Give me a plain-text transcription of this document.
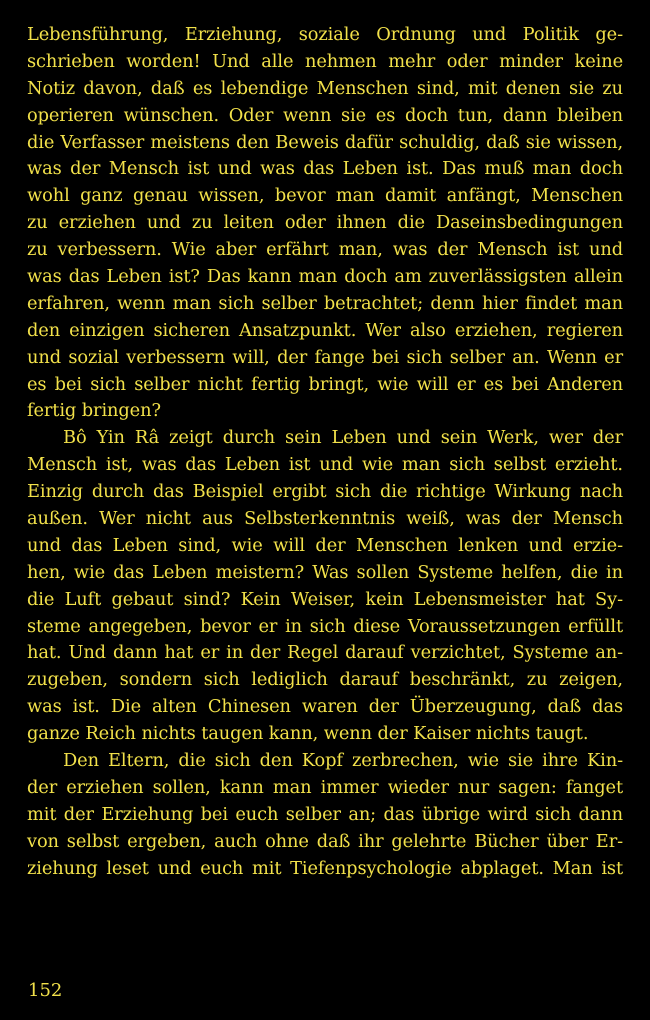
Lebensführung, Erziehung, soziale Ordnung und Politik ge-
schrieben worden! Und alle nehmen mehr oder minder keine
Notiz davon, daß es lebendige Menschen sind, mit denen sie zu
operieren wünschen. Oder wenn sie es doch tun, dann bleiben
die Verfasser meistens den Beweis dafür schuldig, daß sie wissen,
was der Mensch ist und was das Leben ist. Das muß man doch
wohl ganz genau wissen, bevor man damit anfängt, Menschen
zu erziehen und zu leiten oder ihnen die Daseinsbedingungen
zu verbessern. Wie aber erfährt man, was der Mensch ist und
was das Leben ist? Das kann man doch am zuverlässigsten allein
erfahren, wenn man sich selber betrachtet; denn hier findet man
den einzigen sicheren Ansatzpunkt. Wer also erziehen, regieren
und sozial verbessern will, der fange bei sich selber an. Wenn er
es bei sich selber nicht fertig bringt, wie will er es bei Anderen
fertig bringen?
Bô Yin Râ zeigt durch sein Leben und sein Werk, wer der
Mensch ist, was das Leben ist und wie man sich selbst erzieht.
Einzig durch das Beispiel ergibt sich die richtige Wirkung nach
außen. Wer nicht aus Selbsterkenntnis weiß, was der Mensch
und das Leben sind, wie will der Menschen lenken und erzie-
hen, wie das Leben meistern? Was sollen Systeme helfen, die in
die Luft gebaut sind? Kein Weiser, kein Lebensmeister hat Sy-
steme angegeben, bevor er in sich diese Voraussetzungen erfüllt
hat. Und dann hat er in der Regel darauf verzichtet, Systeme an-
zugeben, sondern sich lediglich darauf beschränkt, zu zeigen,
was ist. Die alten Chinesen waren der Überzeugung, daß das
ganze Reich nichts taugen kann, wenn der Kaiser nichts taugt.
Den Eltern, die sich den Kopf zerbrechen, wie sie ihre Kin-
der erziehen sollen, kann man immer wieder nur sagen: fanget
mit der Erziehung bei euch selber an; das übrige wird sich dann
von selbst ergeben, auch ohne daß ihr gelehrte Bücher über Er-
ziehung leset und euch mit Tiefenpsychologie abplaget. Man ist
152
